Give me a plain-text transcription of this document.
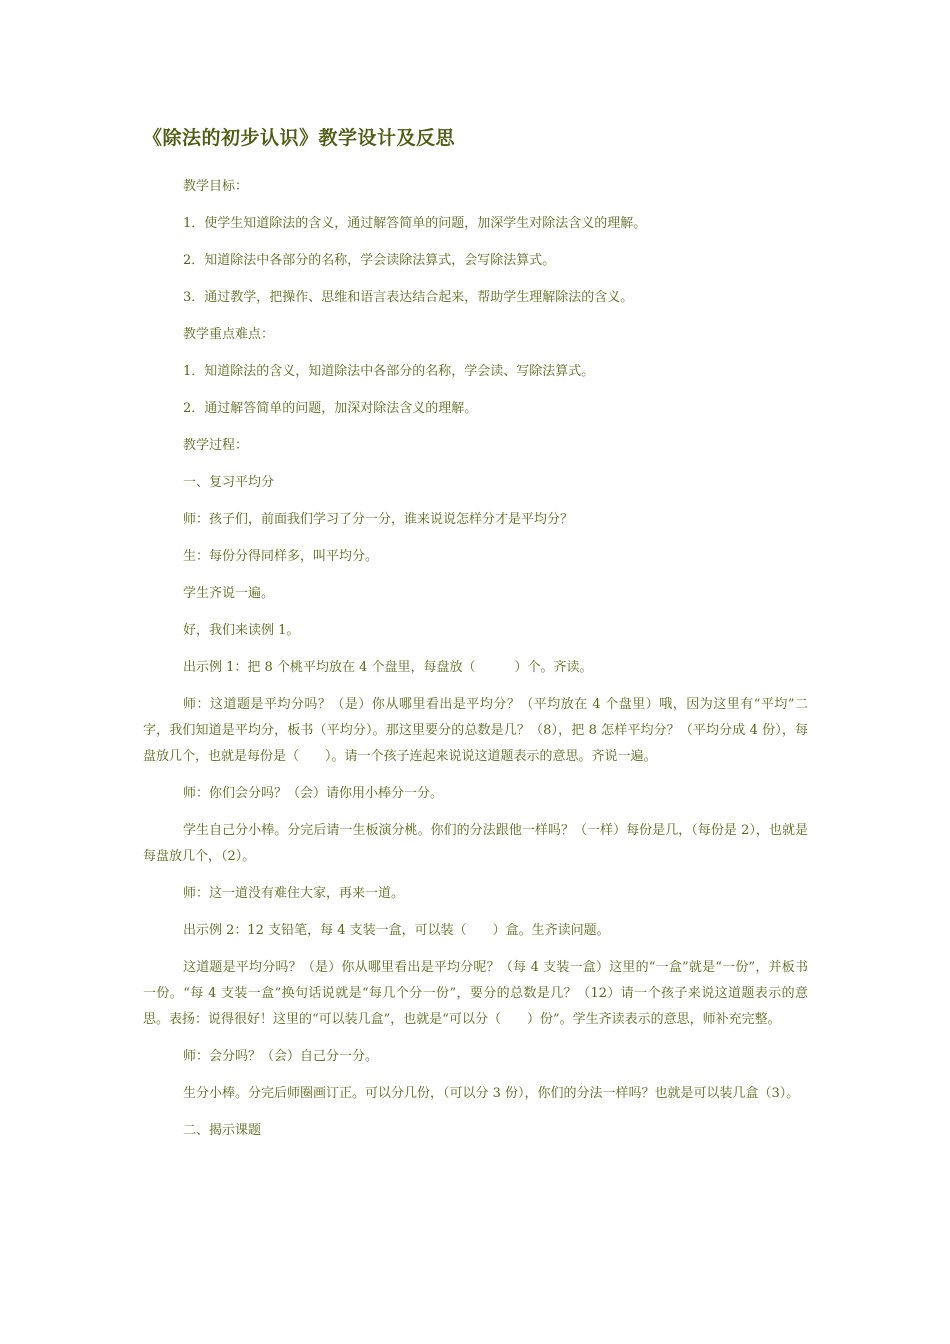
《除法的初步认识》教学设计及反思

教学目标：

1．使学生知道除法的含义，通过解答简单的问题，加深学生对除法含义的理解。

2．知道除法中各部分的名称，学会读除法算式，会写除法算式。

3．通过教学，把操作、思维和语言表达结合起来，帮助学生理解除法的含义。

教学重点难点：

1．知道除法的含义，知道除法中各部分的名称，学会读、写除法算式。

2．通过解答简单的问题，加深对除法含义的理解。

教学过程：

一、复习平均分

师：孩子们，前面我们学习了分一分，谁来说说怎样分才是平均分？

生：每份分得同样多，叫平均分。

学生齐说一遍。

好，我们来读例 1。

出示例 1：把 8 个桃平均放在 4 个盘里，每盘放（　　　）个。齐读。

师：这道题是平均分吗？（是）你从哪里看出是平均分？（平均放在 4 个盘里）哦，因为这里有“平均”二字，我们知道是平均分，板书（平均分）。那这里要分的总数是几？（8），把 8 怎样平均分？（平均分成 4 份），每盘放几个，也就是每份是（　　）。请一个孩子连起来说说这道题表示的意思。齐说一遍。

师：你们会分吗？（会）请你用小棒分一分。

学生自己分小棒。分完后请一生板演分桃。你们的分法跟他一样吗？（一样）每份是几，（每份是 2），也就是每盘放几个，（2）。

师：这一道没有难住大家，再来一道。

出示例 2：12 支铅笔，每 4 支装一盒，可以装（　　）盒。生齐读问题。

这道题是平均分吗？（是）你从哪里看出是平均分呢？（每 4 支装一盒）这里的“一盒”就是“一份”，并板书一份。“每 4 支装一盒”换句话说就是“每几个分一份”，要分的总数是几？（12）请一个孩子来说这道题表示的意思。表扬：说得很好！这里的“可以装几盒”，也就是“可以分（　　）份”。学生齐读表示的意思，师补充完整。

师：会分吗？（会）自己分一分。

生分小棒。分完后师圈画订正。可以分几份，（可以分 3 份），你们的分法一样吗？也就是可以装几盒（3）。

二、揭示课题
